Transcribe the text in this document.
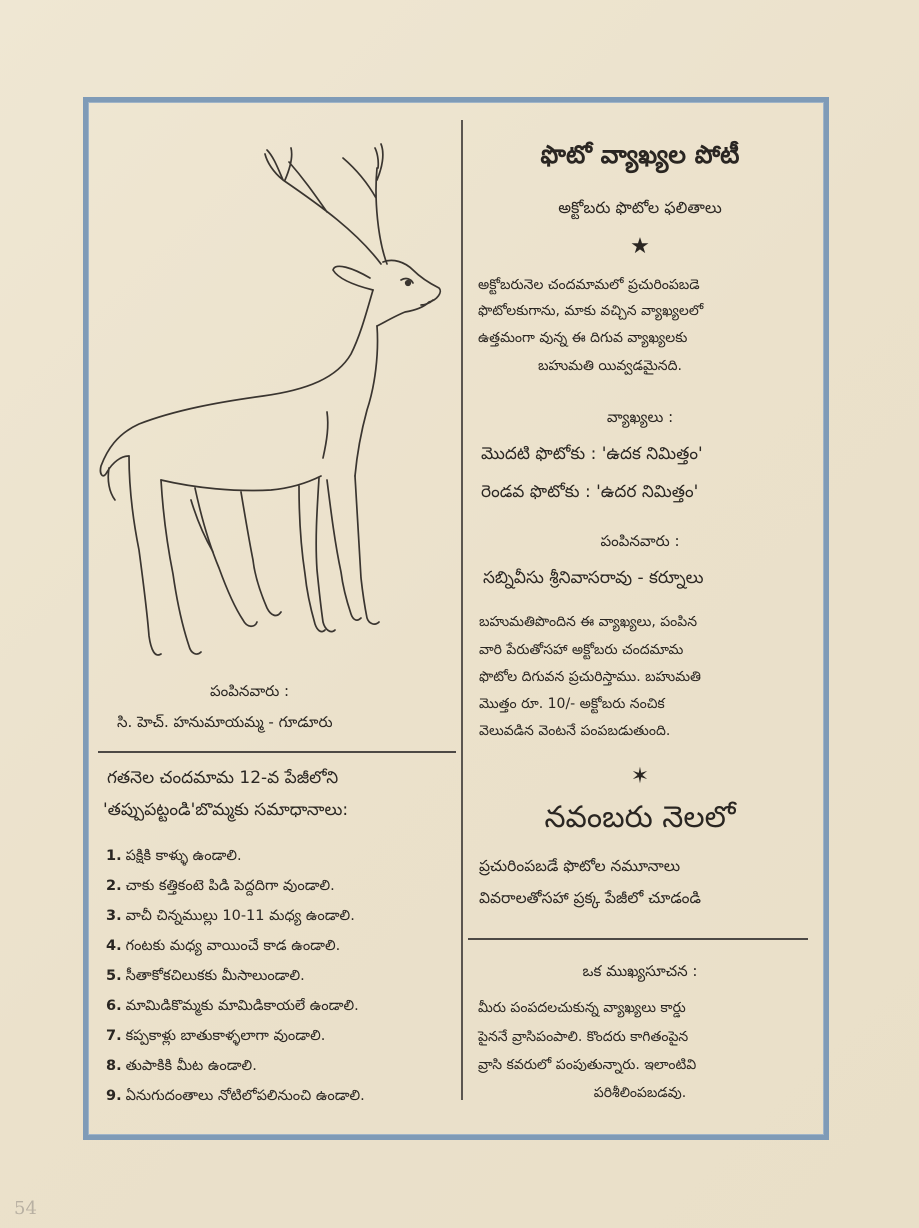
పంపినవారు :
సి. హెచ్. హనుమాయమ్మ - గూడూరు
గతనెల చందమామ 12-వ పేజీలోని
'తప్పుపట్టండి'బొమ్మకు సమాధానాలు:
1. పక్షికి కాళ్ళు ఉండాలి.
2. చాకు కత్తికంటె పిడి పెద్దదిగా వుండాలి.
3. వాచీ చిన్నముల్లు 10-11 మధ్య ఉండాలి.
4. గంటకు మధ్య వాయించే కాడ ఉండాలి.
5. సీతాకోకచిలుకకు మీసాలుండాలి.
6. మామిడికొమ్మకు మామిడికాయలే ఉండాలి.
7. కప్పకాళ్లు బాతుకాళ్ళలాగా వుండాలి.
8. తుపాకికి మీట ఉండాలి.
9. ఏనుగుదంతాలు నోటిలోపలినుంచి ఉండాలి.
ఫొటో వ్యాఖ్యల పోటీ
అక్టోబరు ఫొటోల ఫలితాలు
★
అక్టోబరునెల చందమామలో ప్రచురింపబడె
ఫొటోలకుగాను, మాకు వచ్చిన వ్యాఖ్యలలో
ఉత్తమంగా వున్న ఈ దిగువ వ్యాఖ్యలకు
బహుమతి యివ్వడమైనది.
వ్యాఖ్యలు :
మొదటి ఫొటోకు : 'ఉదక నిమిత్తం'
రెండవ ఫొటోకు : 'ఉదర నిమిత్తం'
పంపినవారు :
సబ్నివీసు శ్రీనివాసరావు - కర్నూలు
బహుమతిపొందిన ఈ వ్యాఖ్యలు, పంపిన
వారి పేరుతోసహా అక్టోబరు చందమామ
ఫొటోల దిగువన ప్రచురిస్తాము. బహుమతి
మొత్తం రూ. 10/- అక్టోబరు నంచిక
వెలువడిన వెంటనే పంపబడుతుంది.
✶
నవంబరు నెలలో
ప్రచురింపబడే ఫొటోల నమూనాలు
వివరాలతోసహా ప్రక్క పేజీలో చూడండి
ఒక ముఖ్యసూచన :
మీరు పంపదలచుకున్న వ్యాఖ్యలు కార్డు
పైననే వ్రాసిపంపాలి. కొందరు కాగితంపైన
వ్రాసి కవరులో పంపుతున్నారు. ఇలాంటివి
పరిశీలింపబడవు.
54
